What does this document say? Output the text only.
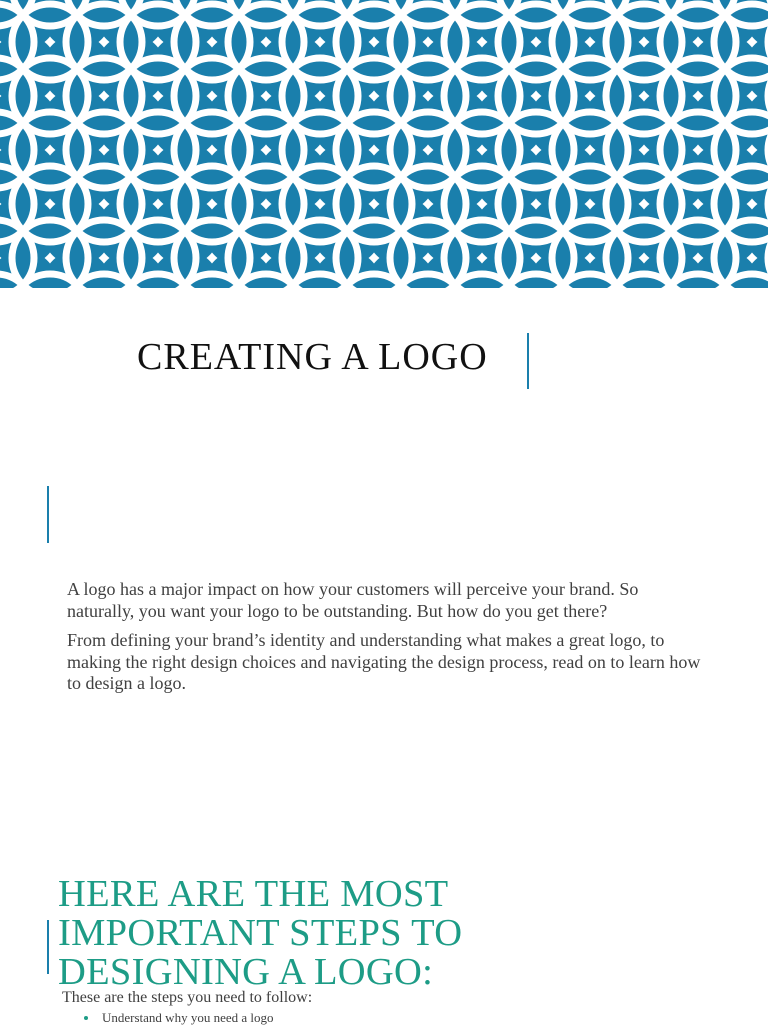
CREATING A LOGO

A logo has a major impact on how your customers will perceive your brand. So naturally, you want your logo to be outstanding. But how do you get there?

From defining your brand’s identity and understanding what makes a great logo, to making the right design choices and navigating the design process, read on to learn how to design a logo.

HERE ARE THE MOST IMPORTANT STEPS TO DESIGNING A LOGO:
These are the steps you need to follow:
Understand why you need a logo
